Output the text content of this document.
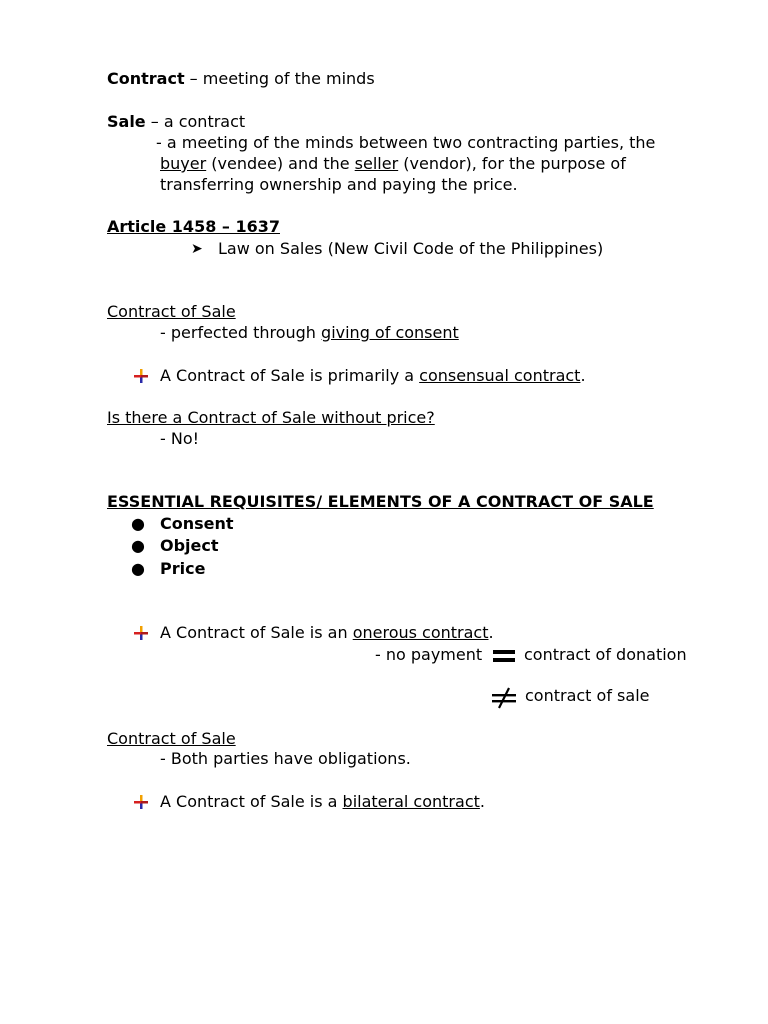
Contract – meeting of the minds
Sale – a contract
- a meeting of the minds between two contracting parties, the
buyer (vendee) and the seller (vendor), for the purpose of
transferring ownership and paying the price.
Article 1458 – 1637
➤ Law on Sales (New Civil Code of the Philippines)
Contract of Sale
- perfected through giving of consent
A Contract of Sale is primarily a consensual contract.
Is there a Contract of Sale without price?
- No!
ESSENTIAL REQUISITES/ ELEMENTS OF A CONTRACT OF SALE
● Consent
● Object
● Price
A Contract of Sale is an onerous contract.
- no payment	contract of donation
contract of sale
Contract of Sale
- Both parties have obligations.
A Contract of Sale is a bilateral contract.
